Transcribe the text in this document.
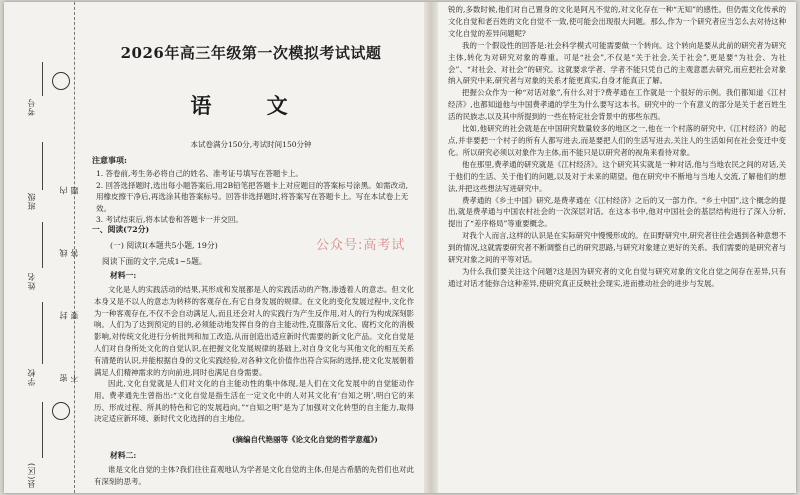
考号
班级
姓名
学校
县(区)
密 封 线 内 不 要 答 题
2026年高三年级第一次模拟考试试题
语 文
本试卷满分150分,考试时间150分钟
注意事项:

1. 答卷前,考生务必将自己的姓名、准考证号填写在答题卡上。

2. 回答选择题时,选出每小题答案后,用2B铅笔把答题卡上对应题目的答案标号涂黑。如需改动,用橡皮擦干净后,再选涂其他答案标号。回答非选择题时,将答案写在答题卡上。写在本试卷上无效。

3. 考试结束后,将本试卷和答题卡一并交回。

一、阅读(72分)
(一) 阅读Ⅰ(本题共5小题, 19分)
阅读下面的文字,完成1~5题。
材料一:

文化是人的实践活动的结果,其形成和发展都是人的实践活动的产物,渗透着人的意志。但文化本身又是不以人的意志为转移的客观存在,有它自身发展的规律。在文化的变化发展过程中,文化作为一种客观存在,不仅不会自动满足人,而且还会对人的实践行为产生反作用,对人的行为构成深刻影响。人们为了达到预定的目的,必须能动地发挥自身的自主能动性,克服落后文化、腐朽文化的消极影响,对传统文化进行分析批判和加工改造,从而创造出适应新时代需要的新文化产品。文化自觉是人们对自身所处文化的自觉认识,在把握文化发展规律的基础上,对自身文化与其他文化的相互关系有清楚的认识,并能根据自身的文化实践经验,对各种文化价值作出符合实际的选择,使文化发展朝着满足人们精神需求的方向前进,同时也满足自身需要。

因此,文化自觉就是人们对文化的自主能动性的集中体现,是人们在文化发展中的自觉能动作用。费孝通先生曾指出:“文化自觉是指生活在一定文化中的人对其文化有‘自知之明’,明白它的来历、形成过程、所具的特色和它的发展趋向。”“自知之明”是为了加强对文化转型的自主能力,取得决定适应新环境、新时代文化选择的自主地位。

(摘编自代艳丽等《论文化自觉的哲学意蕴》)
材料二:

谁是文化自觉的主体?我们往往直观地认为学者是文化自觉的主体,但是古希腊的先哲们也对此有深刻的思考。

锐的,多数时候,他们对自己置身的文化是阿凡不觉的,对文化存在一种“无知”的感性。但仍需文化传承的文化自觉和老百姓的文化自觉不一致,使可能会出现很大问题。那么,作为一个研究者应当怎么去对待这种文化自觉的差异问题呢?

我的一个假设性的回答是:社会科学模式可能需要做一个转向。这个转向是要从此前的研究者为研究主体,转化为对研究对象的尊重。可是“社会”,不仅是“关于社会,关于社会”,更是要“为社会、为社会”、“对社会、对社会”的研究。这就要求学者、学者不能只凭自己的主观意愿去研究,而应把社会对象纳入研究中来,研究者与对象的关系才能更真实,自身才能真正了解。

把握公众作为一种“对话对象”,有什么对于?费孝通在工作就是一个很好的示例。我们都知道《江村经济》,也都知道他与中国费孝通的学生为什么要写这本书。研究中的一个有意义的部分是关于老百姓生活的民族志,以及其中所提到的一些在特定社会背景中的那些东西。

比如,他研究的社会就是在中国研究数量较多的地区之一,他在一个村落的研究中,《江村经济》的起点,并非要把一个村子的所有人都写进去,而是要把人们的生活写进去,关注人的生活如何在社会变迁中变化。所以研究必须以对象作为主体,而不能只是以研究者的视角来看待对象。

他在那里,费孝通的研究就是《江村经济》。这个研究其实就是一种对话,他与当地农民之间的对话,关于他们的生活、关于他们的问题,以及对于未来的期望。他在研究中不断地与当地人交流,了解他们的想法,并把这些想法写进研究中。

费孝通的《乡土中国》研究,是费孝通在《江村经济》之后的又一部力作。“乡土中国”,这个概念的提出,就是费孝通与中国农村社会的一次深层对话。在这本书中,他对中国社会的基层结构进行了深入分析,提出了“差序格局”等重要概念。

对我个人而言,这样的认识是在实际研究中慢慢形成的。在田野研究中,研究者往往会遇到各种意想不到的情况,这就需要研究者不断调整自己的研究思路,与研究对象建立更好的关系。我们需要的是研究者与研究对象之间的平等对话。

为什么我们要关注这个问题?这是因为研究者的文化自觉与研究对象的文化自觉之间存在差异,只有通过对话才能弥合这种差异,使研究真正反映社会现实,进而推动社会的进步与发展。

公众号:高考试
